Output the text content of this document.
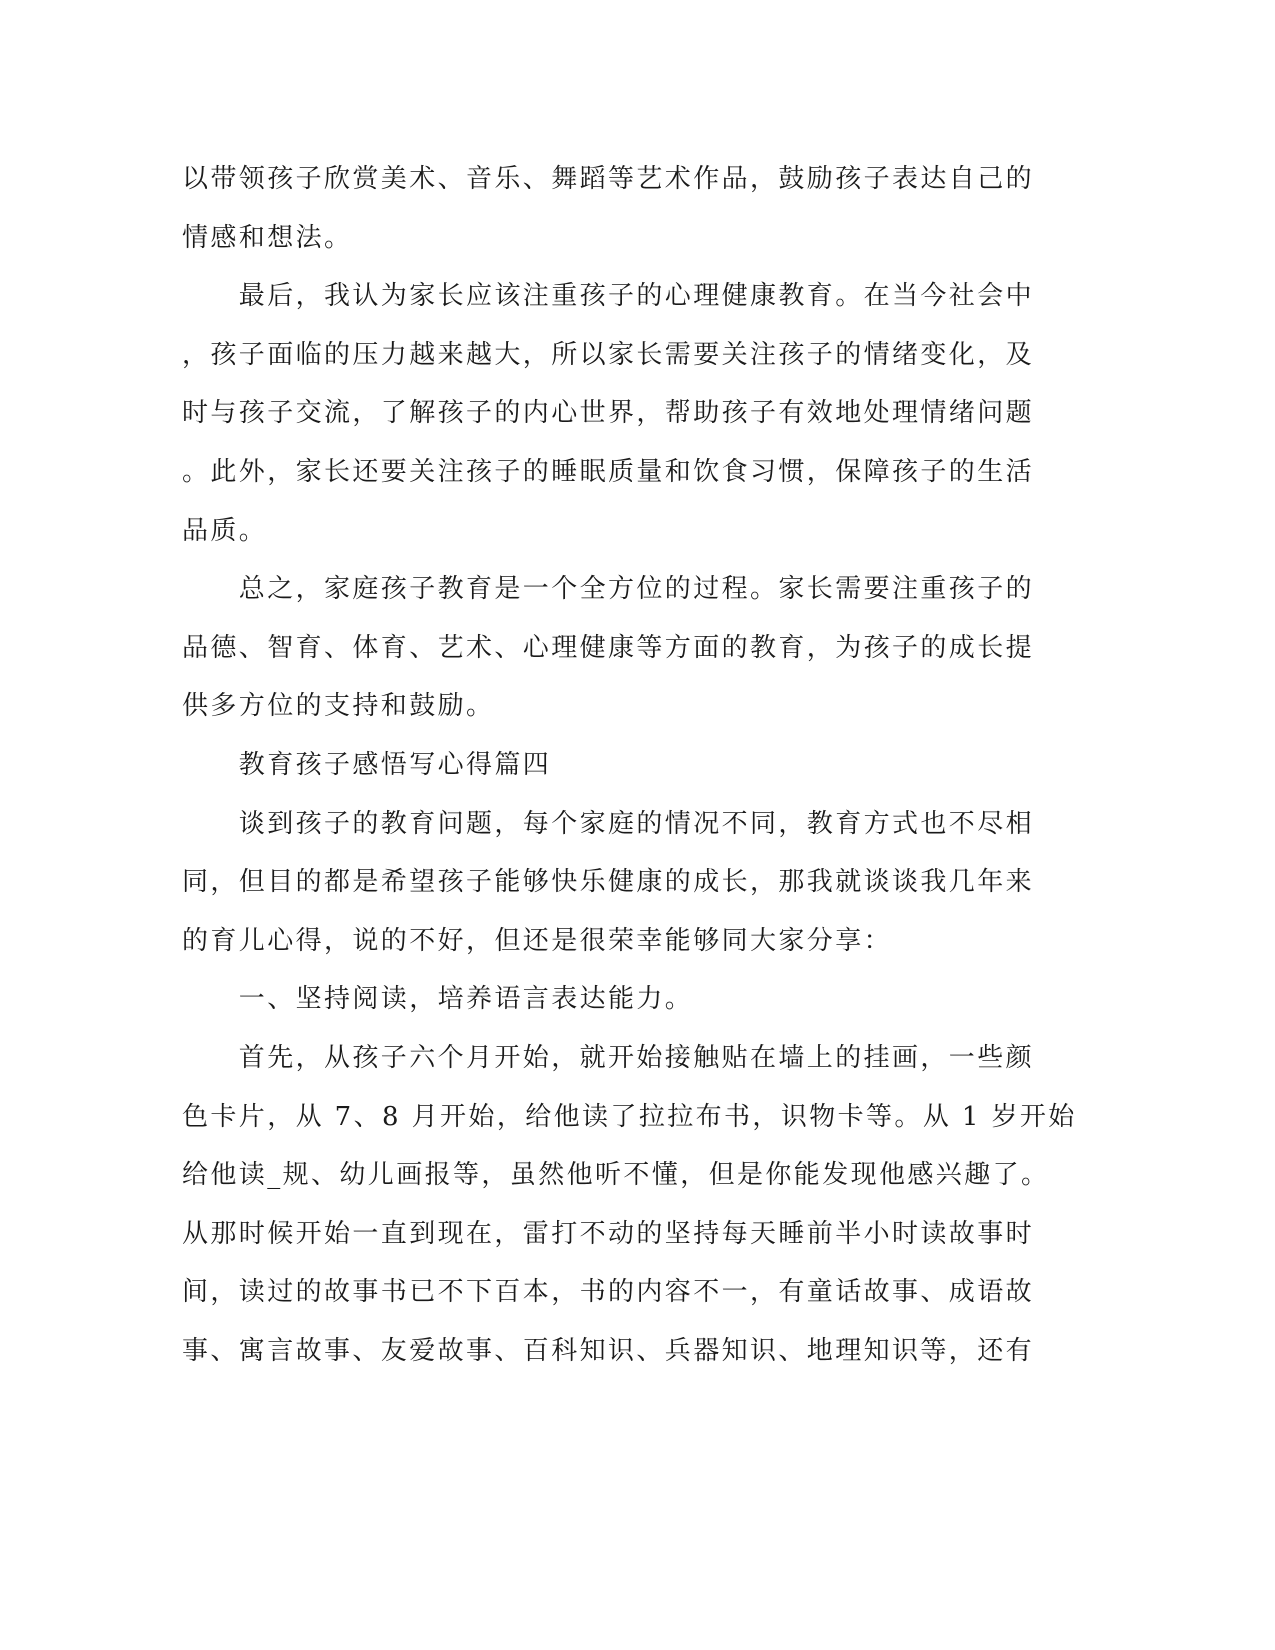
以带领孩子欣赏美术、音乐、舞蹈等艺术作品，鼓励孩子表达自己的
情感和想法。
　　最后，我认为家长应该注重孩子的心理健康教育。在当今社会中
，孩子面临的压力越来越大，所以家长需要关注孩子的情绪变化，及
时与孩子交流，了解孩子的内心世界，帮助孩子有效地处理情绪问题
。此外，家长还要关注孩子的睡眠质量和饮食习惯，保障孩子的生活
品质。
　　总之，家庭孩子教育是一个全方位的过程。家长需要注重孩子的
品德、智育、体育、艺术、心理健康等方面的教育，为孩子的成长提
供多方位的支持和鼓励。
　　教育孩子感悟写心得篇四
　　谈到孩子的教育问题，每个家庭的情况不同，教育方式也不尽相
同，但目的都是希望孩子能够快乐健康的成长，那我就谈谈我几年来
的育儿心得，说的不好，但还是很荣幸能够同大家分享：
　　一、坚持阅读，培养语言表达能力。
　　首先，从孩子六个月开始，就开始接触贴在墙上的挂画，一些颜
色卡片，从 7、8 月开始，给他读了拉拉布书，识物卡等。从 1 岁开始
给他读_规、幼儿画报等，虽然他听不懂，但是你能发现他感兴趣了。
从那时候开始一直到现在，雷打不动的坚持每天睡前半小时读故事时
间，读过的故事书已不下百本，书的内容不一，有童话故事、成语故
事、寓言故事、友爱故事、百科知识、兵器知识、地理知识等，还有
